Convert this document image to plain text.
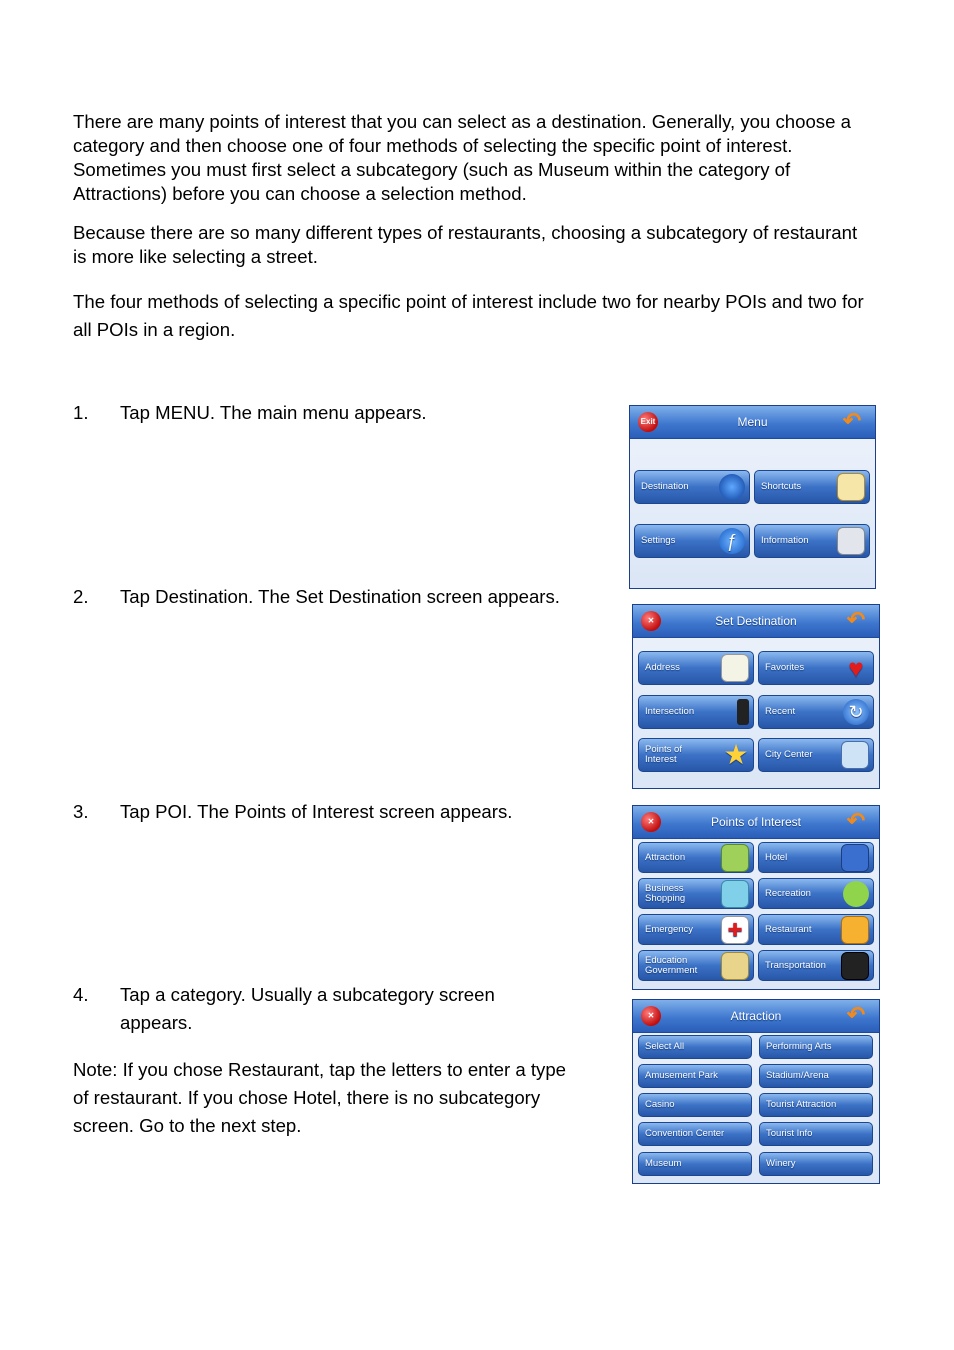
There are many points of interest that you can select as a destination. Generally, you choose a category and then choose one of four methods of selecting the specific point of interest. Sometimes you must first select a subcategory (such as Museum within the category of Attractions) before you can choose a selection method.

Because there are so many different types of restaurants, choosing a subcategory of restaurant is more like selecting a street.

The four methods of selecting a specific point of interest include two for nearby POIs and two for all POIs in a region.

1. Tap MENU. The main menu appears.
2. Tap Destination. The Set Destination screen appears.
3. Tap POI. The Points of Interest screen appears.
4. Tap a category. Usually a subcategory screen appears.

Note: If you chose Restaurant, tap the letters to enter a type of restaurant. If you chose Hotel, there is no subcategory screen. Go to the next step.

Menu
Exit	↶
Destination	Shortcuts
Settings	ƒ	Information
Set Destination
✕	↶
Address	Favorites ♥
Intersection	Recent	↻
Points of
Interest ★ City Center
Points of Interest
✕	↶
Attraction	Hotel
Business
Shopping	Recreation
Emergency	✚	Restaurant
Education
Government	Transportation
Attraction
✕	↶
Select All	Performing Arts
Amusement Park	Stadium/Arena
Casino	Tourist Attraction
Convention Center	Tourist Info
Museum	Winery
